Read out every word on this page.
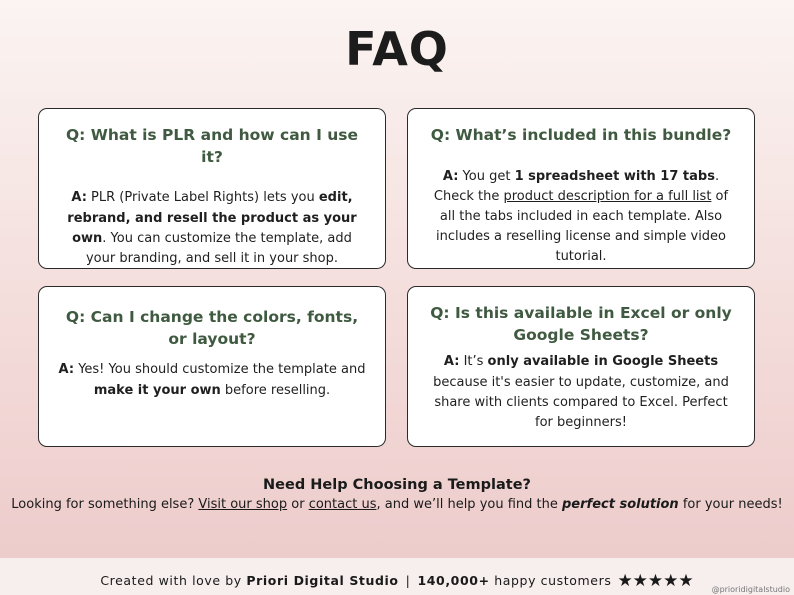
FAQ
Q: What is PLR and how can I use it?
A: PLR (Private Label Rights) lets you edit, rebrand, and resell the product as your own. You can customize the template, add your branding, and sell it in your shop.
Q: What’s included in this bundle?
A: You get 1 spreadsheet with 17 tabs. Check the product description for a full list of all the tabs included in each template. Also includes a reselling license and simple video tutorial.
Q: Can I change the colors, fonts, or layout?
A: Yes! You should customize the template and make it your own before reselling.
Q: Is this available in Excel or only Google Sheets?
A: It’s only available in Google Sheets because it's easier to update, customize, and share with clients compared to Excel. Perfect for beginners!
Need Help Choosing a Template?
Looking for something else? Visit our shop or contact us, and we’ll help you find the perfect solution for your needs!
Created with love by Priori Digital Studio | 140,000+ happy customers ★★★★★	@prioridigitalstudio
